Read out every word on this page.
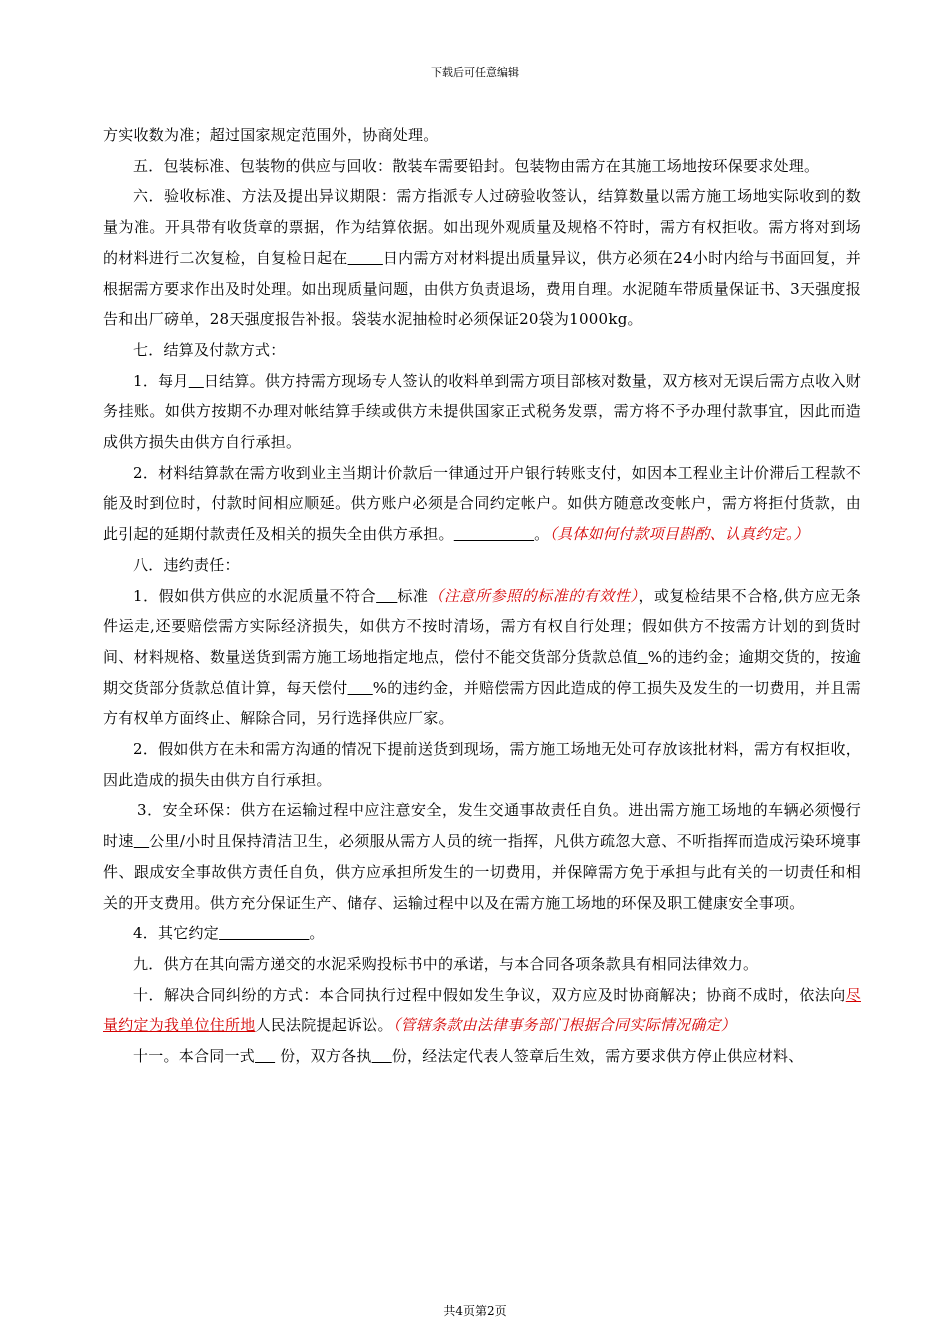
下载后可任意编辑

方实收数为准；超过国家规定范围外，协商处理。

五．包装标准、包装物的供应与回收：散装车需要铅封。包装物由需方在其施工场地按环保要求处理。

六．验收标准、方法及提出异议期限：需方指派专人过磅验收签认，结算数量以需方施工场地实际收到的数量为准。开具带有收货章的票据，作为结算依据。如出现外观质量及规格不符时，需方有权拒收。需方将对到场的材料进行二次复检，自复检日起在 日内需方对材料提出质量异议，供方必须在24小时内给与书面回复，并根据需方要求作出及时处理。如出现质量问题，由供方负责退场，费用自理。水泥随车带质量保证书、3天强度报告和出厂磅单，28天强度报告补报。袋装水泥抽检时必须保证20袋为1000kg。

七．结算及付款方式：

1．每月 日结算。供方持需方现场专人签认的收料单到需方项目部核对数量，双方核对无误后需方点收入财务挂账。如供方按期不办理对帐结算手续或供方未提供国家正式税务发票，需方将不予办理付款事宜，因此而造成供方损失由供方自行承担。

2．材料结算款在需方收到业主当期计价款后一律通过开户银行转账支付，如因本工程业主计价滞后工程款不能及时到位时，付款时间相应顺延。供方账户必须是合同约定帐户。如供方随意改变帐户，需方将拒付货款，由此引起的延期付款责任及相关的损失全由供方承担。	。（具体如何付款项目斟酌、认真约定。）

八．违约责任：

1．假如供方供应的水泥质量不符合 标准（注意所参照的标准的有效性），或复检结果不合格,供方应无条件运走,还要赔偿需方实际经济损失，如供方不按时清场，需方有权自行处理；假如供方不按需方计划的到货时间、材料规格、数量送货到需方施工场地指定地点，偿付不能交货部分货款总值 %的违约金；逾期交货的，按逾期交货部分货款总值计算，每天偿付 %的违约金，并赔偿需方因此造成的停工损失及发生的一切费用，并且需方有权单方面终止、解除合同，另行选择供应厂家。

2．假如供方在未和需方沟通的情况下提前送货到现场，需方施工场地无处可存放该批材料，需方有权拒收，因此造成的损失由供方自行承担。

3．安全环保：供方在运输过程中应注意安全，发生交通事故责任自负。进出需方施工场地的车辆必须慢行时速 公里/小时且保持清洁卫生，必须服从需方人员的统一指挥，凡供方疏忽大意、不听指挥而造成污染环境事件、跟成安全事故供方责任自负，供方应承担所发生的一切费用，并保障需方免于承担与此有关的一切责任和相关的开支费用。供方充分保证生产、储存、运输过程中以及在需方施工场地的环保及职工健康安全事项。

4．其它约定	。

九．供方在其向需方递交的水泥采购投标书中的承诺，与本合同各项条款具有相同法律效力。

十．解决合同纠纷的方式：本合同执行过程中假如发生争议，双方应及时协商解决；协商不成时，依法向尽量约定为我单位住所地人民法院提起诉讼。（管辖条款由法律事务部门根据合同实际情况确定）

十一。本合同一式     份，双方各执 份，经法定代表人签章后生效，需方要求供方停止供应材料、

共4页第2页
